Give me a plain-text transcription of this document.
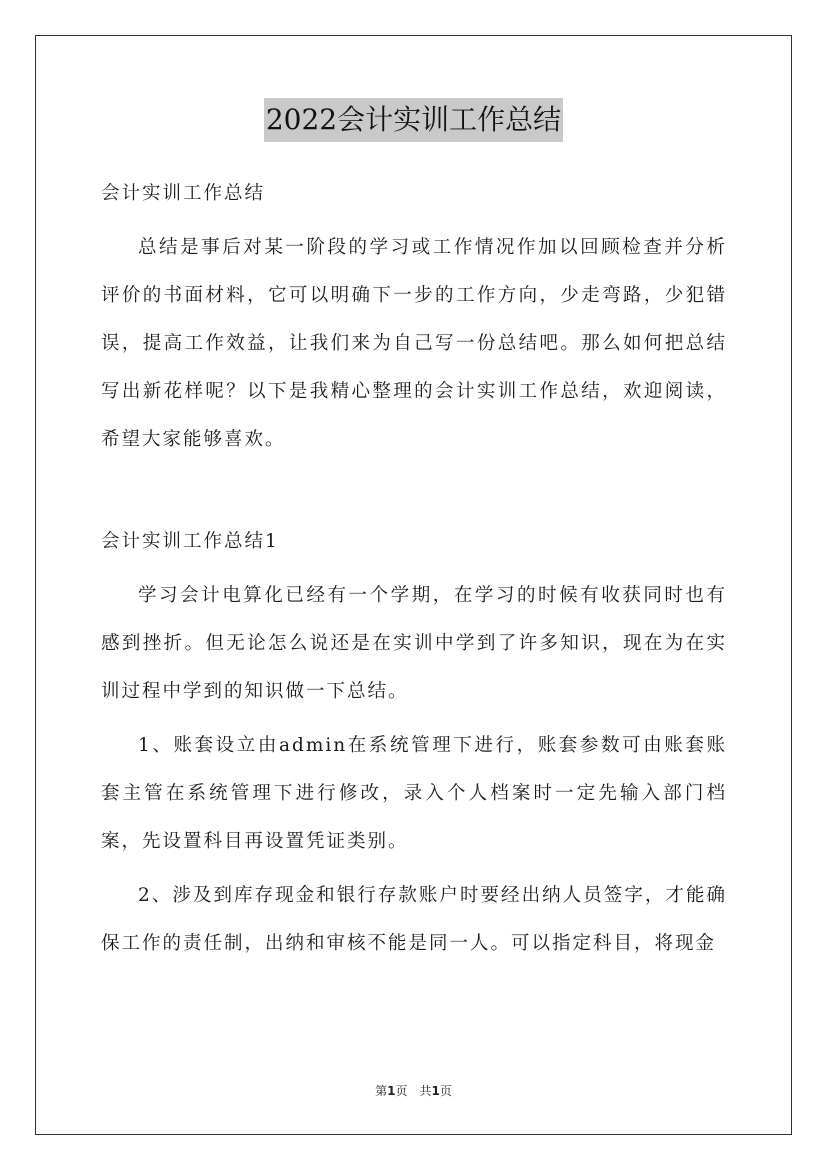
2022会计实训工作总结

会计实训工作总结

总结是事后对某一阶段的学习或工作情况作加以回顾检查并分析评价的书面材料，它可以明确下一步的工作方向，少走弯路，少犯错误，提高工作效益，让我们来为自己写一份总结吧。那么如何把总结写出新花样呢？以下是我精心整理的会计实训工作总结，欢迎阅读，希望大家能够喜欢。

会计实训工作总结1

学习会计电算化已经有一个学期，在学习的时候有收获同时也有感到挫折。但无论怎么说还是在实训中学到了许多知识，现在为在实训过程中学到的知识做一下总结。

1、账套设立由admin在系统管理下进行，账套参数可由账套账套主管在系统管理下进行修改，录入个人档案时一定先输入部门档案，先设置科目再设置凭证类别。

2、涉及到库存现金和银行存款账户时要经出纳人员签字，才能确保工作的责任制，出纳和审核不能是同一人。可以指定科目，将现金

第1页　共1页
